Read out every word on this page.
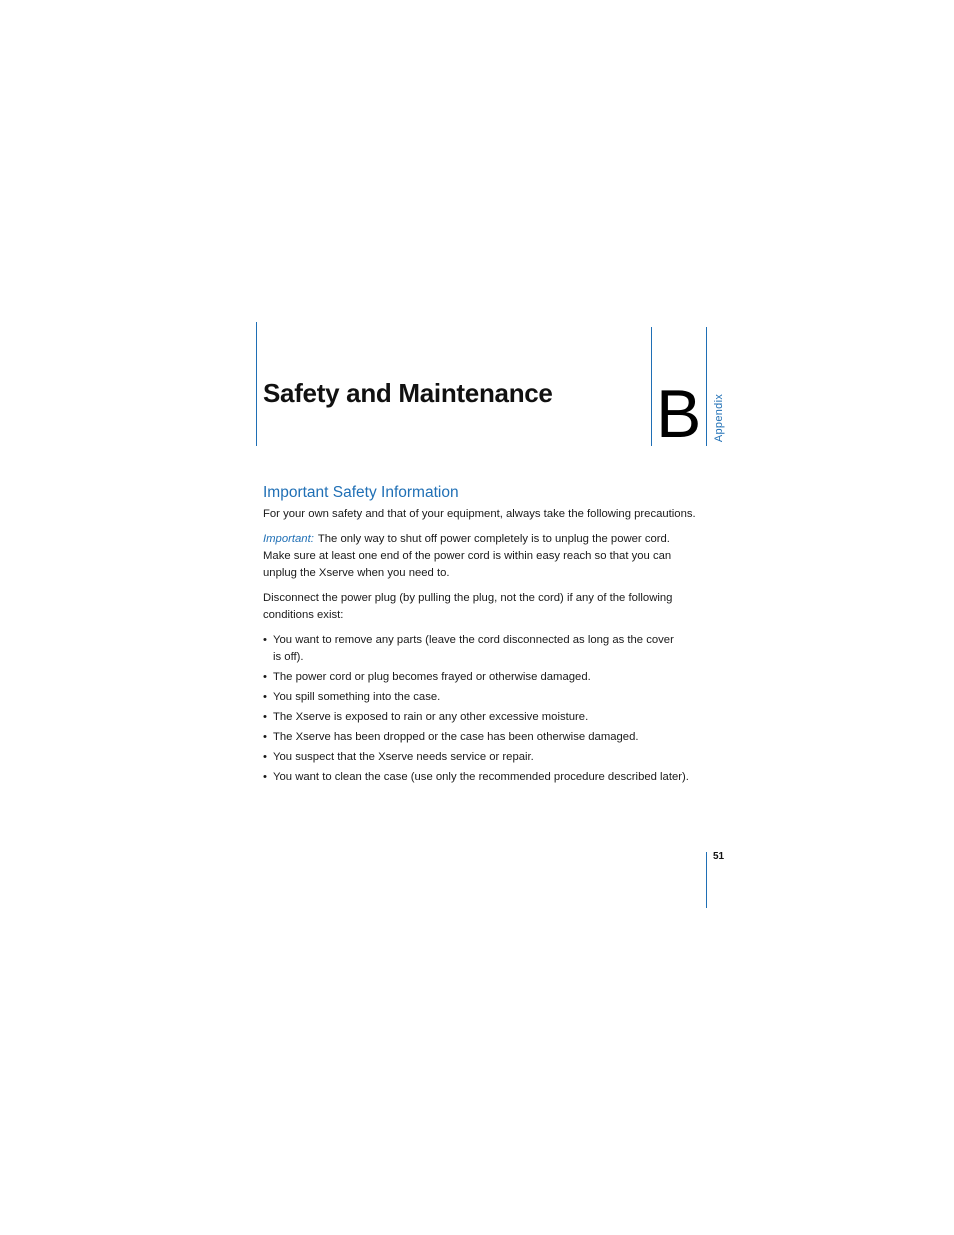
Safety and Maintenance B Appendix
Important Safety Information

For your own safety and that of your equipment, always take the following precautions.

Important: The only way to shut off power completely is to unplug the power cord.
Make sure at least one end of the power cord is within easy reach so that you can
unplug the Xserve when you need to.

Disconnect the power plug (by pulling the plug, not the cord) if any of the following
conditions exist:

• You want to remove any parts (leave the cord disconnected as long as the cover
is off).
• The power cord or plug becomes frayed or otherwise damaged.
• You spill something into the case.
• The Xserve is exposed to rain or any other excessive moisture.
• The Xserve has been dropped or the case has been otherwise damaged.
• You suspect that the Xserve needs service or repair.
• You want to clean the case (use only the recommended procedure described later).
51
